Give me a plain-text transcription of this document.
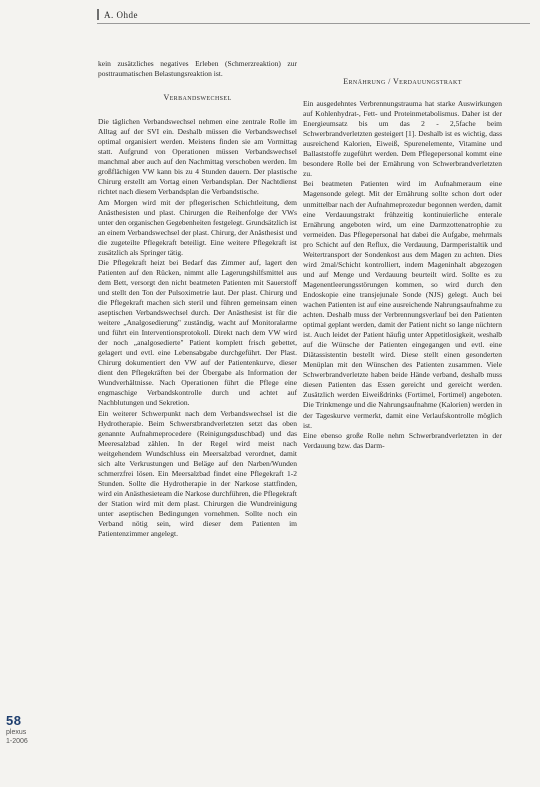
A. Ohde

kein zusätzliches negatives Erleben (Schmerzreaktion) zur posttraumatischen Belastungsreaktion ist.

Verbandswechsel

Die täglichen Verbandswechsel nehmen eine zentrale Rolle im Alltag auf der SVI ein. Deshalb müssen die Verbandswechsel optimal organisiert werden. Meistens finden sie am Vormittag statt. Aufgrund von Operationen müssen Verbandswechsel manchmal aber auch auf den Nachmittag verschoben werden. Im großflächigen VW kann bis zu 4 Stunden dauern. Der plastische Chirurg erstellt am Vortag einen Verbandsplan. Der Nachtdienst richtet nach diesem Verbandsplan die Verbandstische.

Am Morgen wird mit der pflegerischen Schichtleitung, dem Anästhesisten und plast. Chirurgen die Reihenfolge der VWs unter den organischen Gegebenheiten festgelegt. Grundsätzlich ist an einem Verbandswechsel der plast. Chirurg, der Anästhesist und die zugeteilte Pflegekraft beteiligt. Eine weitere Pflegekraft ist zusätzlich als Springer tätig.

Die Pflegekraft heizt bei Bedarf das Zimmer auf, lagert den Patienten auf den Rücken, nimmt alle Lagerungshilfsmittel aus dem Bett, versorgt den nicht beatmeten Patienten mit Sauerstoff und stellt den Ton der Pulsoximetrie laut. Der plast. Chirurg und die Pflegekraft machen sich steril und führen gemeinsam einen aseptischen Verbandswechsel durch. Der Anästhesist ist für die weitere „Analgosedierung" zuständig, wacht auf Monitoralarme und führt ein Interventionsprotokoll. Direkt nach dem VW wird der noch „analgosedierte" Patient komplett frisch gebettet, gelagert und evtl. eine Lebensabgabe durchgeführt. Der Plast. Chirurg dokumentiert den VW auf der Patientenkurve, dieser dient den Pflegekräften bei der Übergabe als Information der Wundverhältnisse. Nach Operationen führt die Pflege eine engmaschige Verbandskontrolle durch und achtet auf Nachblutungen und Sekretion.

Ein weiterer Schwerpunkt nach dem Verbandswechsel ist die Hydrotherapie. Beim Schwerstbrandverletzten setzt das oben genannte Aufnahmeprocedere (Reinigungsduschbad) und das Meeresalzbad zählen. In der Regel wird meist nach weitgehendem Wundschluss ein Meersalzbad verordnet, damit sich alte Verkrustungen und Beläge auf den Narben/Wunden schmerzfrei lösen. Ein Meersalzbad findet eine Pflegekraft 1-2 Stunden. Sollte die Hydrotherapie in der Narkose stattfinden, wird ein Anästhesieteam die Narkose durchführen, die Pflegekraft der Station wird mit dem plast. Chirurgen die Wundreinigung unter aseptischen Bedingungen vornehmen. Sollte noch ein Verband nötig sein, wird dieser dem Patienten im Patientenzimmer angelegt.

Ernährung / Verdauungstrakt

Ein ausgedehntes Verbrennungstrauma hat starke Auswirkungen auf Kohlenhydrat-, Fett- und Proteinmetabolismus. Daher ist der Energieumsatz bis um das 2 - 2,5fache beim Schwerbrandverletzten gesteigert [1]. Deshalb ist es wichtig, dass ausreichend Kalorien, Eiweiß, Spurenelemente, Vitamine und Ballaststoffe zugeführt werden. Dem Pflegepersonal kommt eine besondere Rolle bei der Ernährung von Schwerbrandverletzten zu.

Bei beatmeten Patienten wird im Aufnahmeraum eine Magensonde gelegt. Mit der Ernährung sollte schon dort oder unmittelbar nach der Aufnahmeprozedur begonnen werden, damit eine Verdauungstrakt frühzeitig kontinuierliche enterale Ernährung angeboten wird, um eine Darmzottenatrophie zu vermeiden. Das Pflegepersonal hat dabei die Aufgabe, mehrmals pro Schicht auf den Reflux, die Verdauung, Darmperistaltik und Weitertransport der Sondenkost aus dem Magen zu achten. Dies wird 2mal/Schicht kontrolliert, indem Mageninhalt abgezogen und auf Menge und Verdauung beurteilt wird. Sollte es zu Magenentleerungsstörungen kommen, so wird durch den Endoskopie eine transjejunale Sonde (NJS) gelegt. Auch bei wachen Patienten ist auf eine ausreichende Nahrungsaufnahme zu achten. Deshalb muss der Verbrennungsverlauf bei den Patienten optimal geplant werden, damit der Patient nicht so lange nüchtern ist. Auch leidet der Patient häufig unter Appetitlosigkeit, weshalb auf die Wünsche der Patienten eingegangen und evtl. eine Diätassistentin bestellt wird. Diese stellt einen gesonderten Menüplan mit den Wünschen des Patienten zusammen. Viele Schwerbrandverletzte haben beide Hände verband, deshalb muss diesen Patienten das Essen gereicht und gereicht werden. Zusätzlich werden Eiweißdrinks (Fortimel, Fortimel) angeboten. Die Trinkmenge und die Nahrungsaufnahme (Kalorien) werden in der Tageskurve vermerkt, damit eine Verlaufskontrolle möglich ist.

Eine ebenso große Rolle nehm Schwerbrandverletzten in der Verdauung bzw. das Darm-

58
plexus
1-2006
